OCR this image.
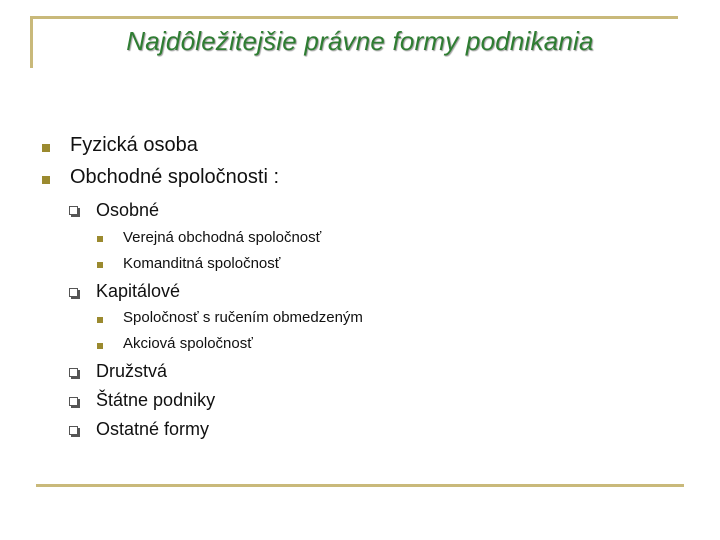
Najdôležitejšie právne formy podnikania
Fyzická osoba
Obchodné spoločnosti :
Osobné
Verejná obchodná spoločnosť
Komanditná spoločnosť
Kapitálové
Spoločnosť s ručením obmedzeným
Akciová spoločnosť
Družstvá
Štátne podniky
Ostatné formy
